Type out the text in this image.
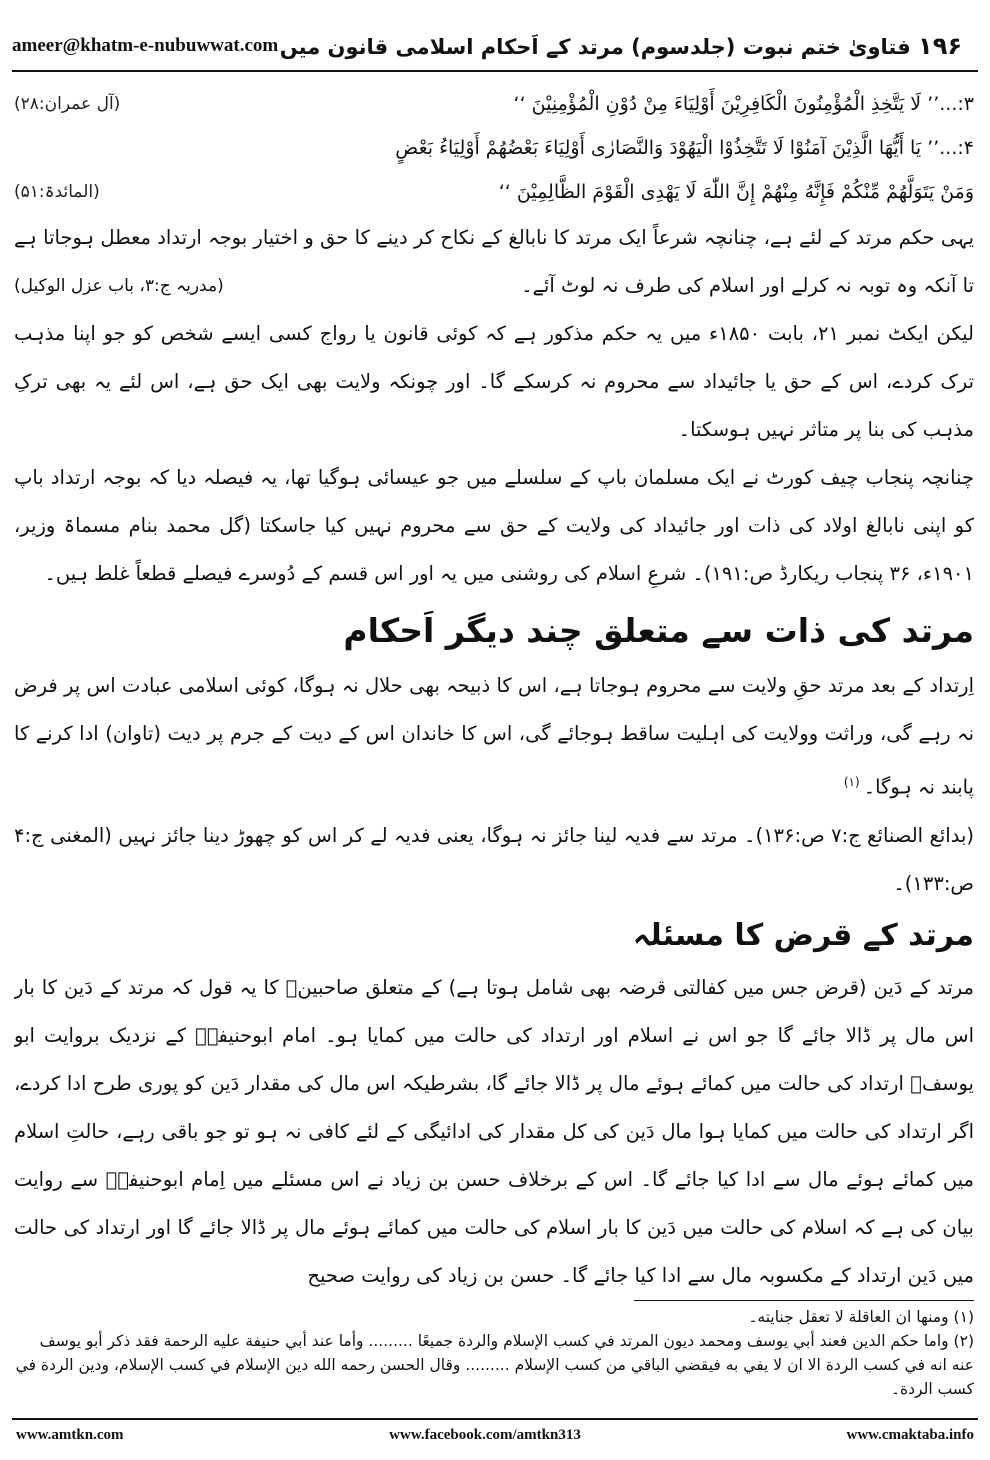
ameer@khatm-e-nubuwwat.com	۱۹۶ فتاویٰ ختم نبوت (جلدسوم) مرتد کے اَحکام اسلامی قانون میں
۳:...’’ لَا یَتَّخِذِ الْمُؤْمِنُونَ الْکَافِرِیْنَ أَوْلِیَاءَ مِنْ دُوْنِ الْمُؤْمِنِیْنَ ‘‘
(آل عمران:۲۸)
۴:...’’ یَا أَیُّهَا الَّذِیْنَ آمَنُوْا لَا تَتَّخِذُوْا الْیَهُوْدَ وَالنَّصَارٰی أَوْلِیَاءَ بَعْضُهُمْ أَوْلِیَاءُ بَعْضٍ
وَمَنْ یَتَوَلَّهُمْ مِّنْکُمْ فَإِنَّهُ مِنْهُمْ إِنَّ اللّٰهَ لَا یَهْدِی الْقَوْمَ الظَّالِمِیْنَ ‘‘
(المائدۃ:۵۱)

یہی حکم مرتد کے لئے ہے، چنانچہ شرعاً ایک مرتد کا نابالغ کے نکاح کر دینے کا حق و اختیار بوجہ ارتداد معطل ہوجاتا ہے تا آنکہ وہ توبہ نہ کرلے اور اسلام کی طرف نہ لوٹ آئے۔
(مدریہ ج:۳، باب عزل الوکیل)

لیکن ایکٹ نمبر ۲۱، بابت ۱۸۵۰ء میں یہ حکم مذکور ہے کہ کوئی قانون یا رواج کسی ایسے شخص کو جو اپنا مذہب ترک کردے، اس کے حق یا جائیداد سے محروم نہ کرسکے گا۔ اور چونکہ ولایت بھی ایک حق ہے، اس لئے یہ بھی ترکِ مذہب کی بنا پر متاثر نہیں ہوسکتا۔

چنانچہ پنجاب چیف کورٹ نے ایک مسلمان باپ کے سلسلے میں جو عیسائی ہوگیا تھا، یہ فیصلہ دیا کہ بوجہ ارتداد باپ کو اپنی نابالغ اولاد کی ذات اور جائیداد کی ولایت کے حق سے محروم نہیں کیا جاسکتا (گل محمد بنام مسماۃ وزیر، ۱۹۰۱ء، ۳۶ پنجاب ریکارڈ ص:۱۹۱)۔ شرعِ اسلام کی روشنی میں یہ اور اس قسم کے دُوسرے فیصلے قطعاً غلط ہیں۔

مرتد کی ذات سے متعلق چند دیگر اَحکام

اِرتداد کے بعد مرتد حقِ ولایت سے محروم ہوجاتا ہے، اس کا ذبیحہ بھی حلال نہ ہوگا، کوئی اسلامی عبادت اس پر فرض نہ رہے گی، وراثت وولایت کی اہلیت ساقط ہوجائے گی، اس کا خاندان اس کے دیت کے جرم پر دیت (تاوان) ادا کرنے کا پابند نہ ہوگا۔$^{(۱)}$

(بدائع الصنائع ج:۷ ص:۱۳۶)۔ مرتد سے فدیہ لینا جائز نہ ہوگا، یعنی فدیہ لے کر اس کو چھوڑ دینا جائز نہیں (المغنی ج:۴ ص:۱۳۳)۔

مرتد کے قرض کا مسئلہ

مرتد کے دَین (قرض جس میں کفالتی قرضہ بھی شامل ہوتا ہے) کے متعلق صاحبینؒ کا یہ قول کہ مرتد کے دَین کا بار اس مال پر ڈالا جائے گا جو اس نے اسلام اور ارتداد کی حالت میں کمایا ہو۔ امام ابوحنیفہؒ کے نزدیک بروایت ابو یوسفؒ ارتداد کی حالت میں کمائے ہوئے مال پر ڈالا جائے گا، بشرطیکہ اس مال کی مقدار دَین کو پوری طرح ادا کردے، اگر ارتداد کی حالت میں کمایا ہوا مال دَین کی کل مقدار کی ادائیگی کے لئے کافی نہ ہو تو جو باقی رہے، حالتِ اسلام میں کمائے ہوئے مال سے ادا کیا جائے گا۔ اس کے برخلاف حسن بن زیاد نے اس مسئلے میں اِمام ابوحنیفہؒ سے روایت بیان کی ہے کہ اسلام کی حالت میں دَین کا بار اسلام کی حالت میں کمائے ہوئے مال پر ڈالا جائے گا اور ارتداد کی حالت میں دَین ارتداد کے مکسوبہ مال سے ادا کیا جائے گا۔ حسن بن زیاد کی روایت صحیح

(۱) ومنها ان العاقلة لا تعقل جنايته۔

(۲) واما حكم الدين فعند أبي يوسف ومحمد ديون المرتد في كسب الإسلام والردة جميعًا ......... وأما عند أبي حنيفة عليه الرحمة فقد ذكر أبو يوسف عنه انه في كسب الردة الا ان لا يفي به فيقضي الباقي من كسب الإسلام ......... وقال الحسن رحمه الله دين الإسلام في كسب الإسلام، ودين الردة في كسب الردة۔

www.amtkn.com	www.facebook.com/amtkn313	www.cmaktaba.info
